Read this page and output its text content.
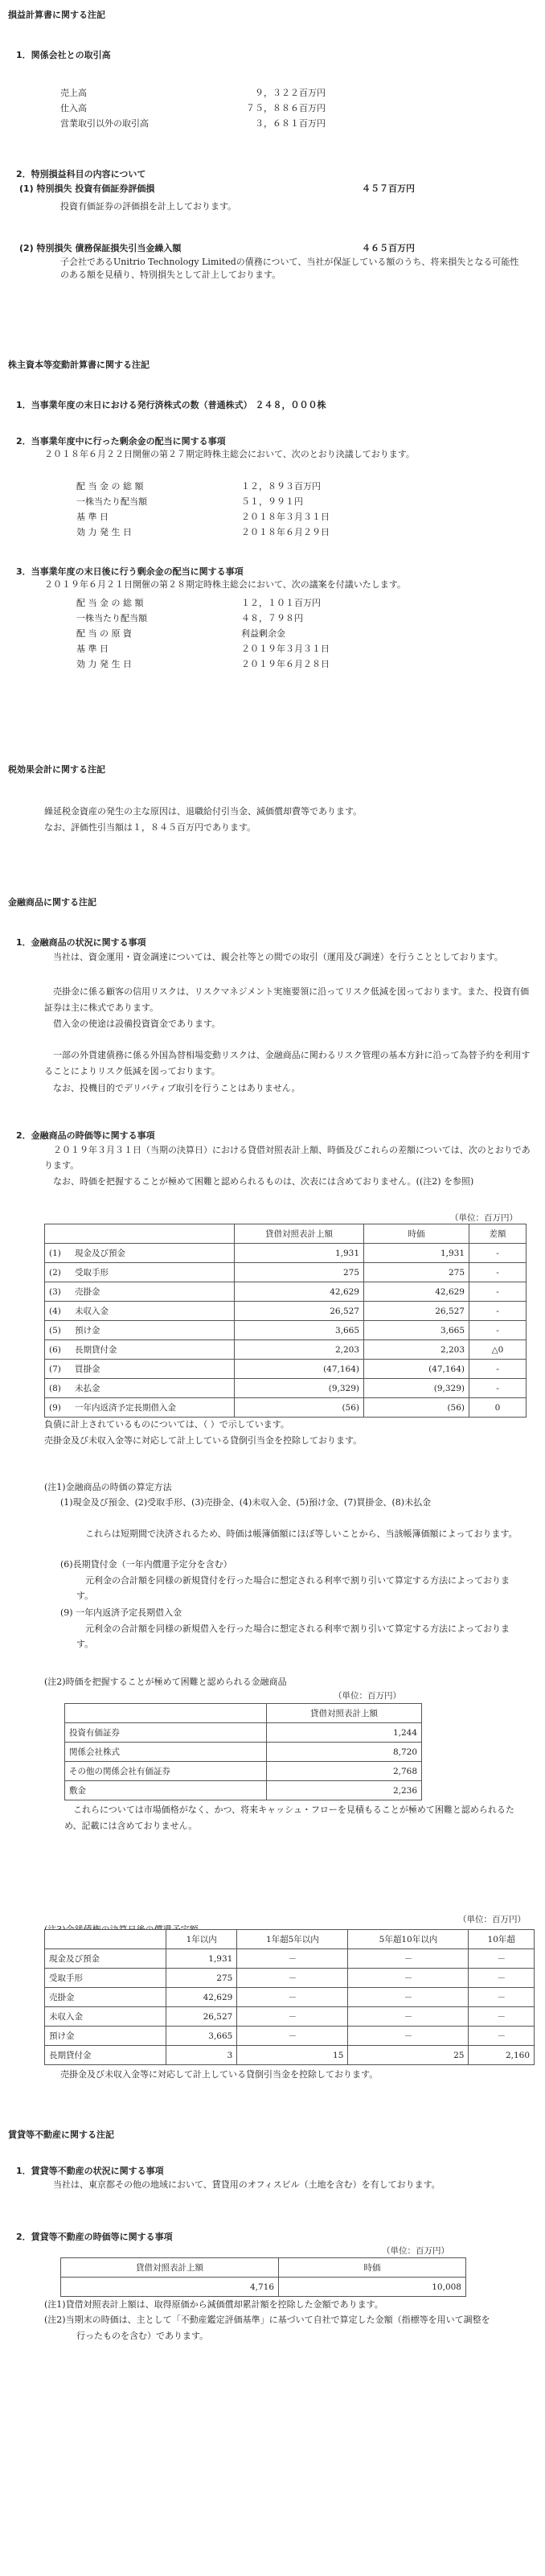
損益計算書に関する注記
1．関係会社との取引高
売上高	９，３２２百万円
仕入高	７５，８８６百万円
営業取引以外の取引高	３，６８１百万円
2．特別損益科目の内容について
(1) 特別損失 投資有価証券評価損	４５７百万円
投資有価証券の評価損を計上しております。
(2) 特別損失 債務保証損失引当金繰入額	４６５百万円
子会社であるUnitrio Technology Limitedの債務について、当社が保証している額のうち、将来損失となる可能性のある額を見積り、特別損失として計上しております。
株主資本等変動計算書に関する注記
1．当事業年度の末日における発行済株式の数（普通株式） ２４８，０００株
2．当事業年度中に行った剰余金の配当に関する事項
２０１８年６月２２日開催の第２７期定時株主総会において、次のとおり決議しております。
配 当 金 の 総 額	１２，８９３百万円
一株当たり配当額	５１，９９１円
基 準 日	２０１８年３月３１日
効 力 発 生 日	２０１８年６月２９日
3．当事業年度の末日後に行う剰余金の配当に関する事項
２０１９年６月２１日開催の第２８期定時株主総会において、次の議案を付議いたします。
配 当 金 の 総 額	１２，１０１百万円
一株当たり配当額	４８，７９８円
配 当 の 原 資	利益剰余金
基 準 日	２０１９年３月３１日
効 力 発 生 日	２０１９年６月２８日
税効果会計に関する注記
繰延税金資産の発生の主な原因は、退職給付引当金、減価償却費等であります。
なお、評価性引当額は１，８４５百万円であります。
金融商品に関する注記
1．金融商品の状況に関する事項
当社は、資金運用・資金調達については、親会社等との間での取引（運用及び調達）を行うこととしております。
売掛金に係る顧客の信用リスクは、リスクマネジメント実施要領に沿ってリスク低減を図っております。また、投資有価証券は主に株式であります。
借入金の使途は設備投資資金であります。
一部の外貨建債務に係る外国為替相場変動リスクは、金融商品に関わるリスク管理の基本方針に沿って為替予約を利用することによりリスク低減を図っております。
なお、投機目的でデリバティブ取引を行うことはありません。
2．金融商品の時価等に関する事項
２０１９年３月３１日（当期の決算日）における貸借対照表計上額、時価及びこれらの差額については、次のとおりであります。
なお、時価を把握することが極めて困難と認められるものは、次表には含めておりません。((注2) を参照)
（単位：百万円）
		貸借対照表計上額	時価	差額
(1)	現金及び預金	1,931	1,931	-
(2)	受取手形	275	275	-
(3)	売掛金	42,629	42,629	-
(4)	未収入金	26,527	26,527	-
(5)	預け金	3,665	3,665	-
(6)	長期貸付金	2,203	2,203	△0
(7)	買掛金	(47,164)	(47,164)	-
(8)	未払金	(9,329)	(9,329)	-
(9)	一年内返済予定長期借入金	(56)	(56)	0
負債に計上されているものについては、（ ）で示しています。
売掛金及び未収入金等に対応して計上している貸倒引当金を控除しております。
(注1)金融商品の時価の算定方法
(1)現金及び預金、(2)受取手形、(3)売掛金、(4)未収入金、(5)預け金、(7)買掛金、(8)未払金
これらは短期間で決済されるため、時価は帳簿価額にほぼ等しいことから、当該帳簿価額によっております。
(6)長期貸付金（一年内償還予定分を含む）
元利金の合計額を同様の新規貸付を行った場合に想定される利率で割り引いて算定する方法によっております。
(9) 一年内返済予定長期借入金
元利金の合計額を同様の新規借入を行った場合に想定される利率で割り引いて算定する方法によっております。
(注2)時価を把握することが極めて困難と認められる金融商品
（単位：百万円）
	貸借対照表計上額
投資有価証券	1,244
関係会社株式	8,720
その他の関係会社有価証券	2,768
敷金	2,236
これらについては市場価格がなく、かつ、将来キャッシュ・フローを見積もることが極めて困難と認められるため、記載には含めておりません。
（単位：百万円）
	1年以内	1年超5年以内	5年超10年以内	10年超
現金及び預金	1,931	－	－	－
受取手形	275	－	－	－
売掛金	42,629	－	－	－
未収入金	26,527	－	－	－
預け金	3,665	－	－	－
長期貸付金	3	15	25	2,160
売掛金及び未収入金等に対応して計上している貸倒引当金を控除しております。
賃貸等不動産に関する注記
1．賃貸等不動産の状況に関する事項
当社は、東京都その他の地域において、賃貸用のオフィスビル（土地を含む）を有しております。
2．賃貸等不動産の時価等に関する事項
（単位：百万円）
貸借対照表計上額	時価
4,716	10,008
(注1)貸借対照表計上額は、取得原価から減価償却累計額を控除した金額であります。
(注2)当期末の時価は、主として「不動産鑑定評価基準」に基づいて自社で算定した金額（指標等を用いて調整を行ったものを含む）であります。
